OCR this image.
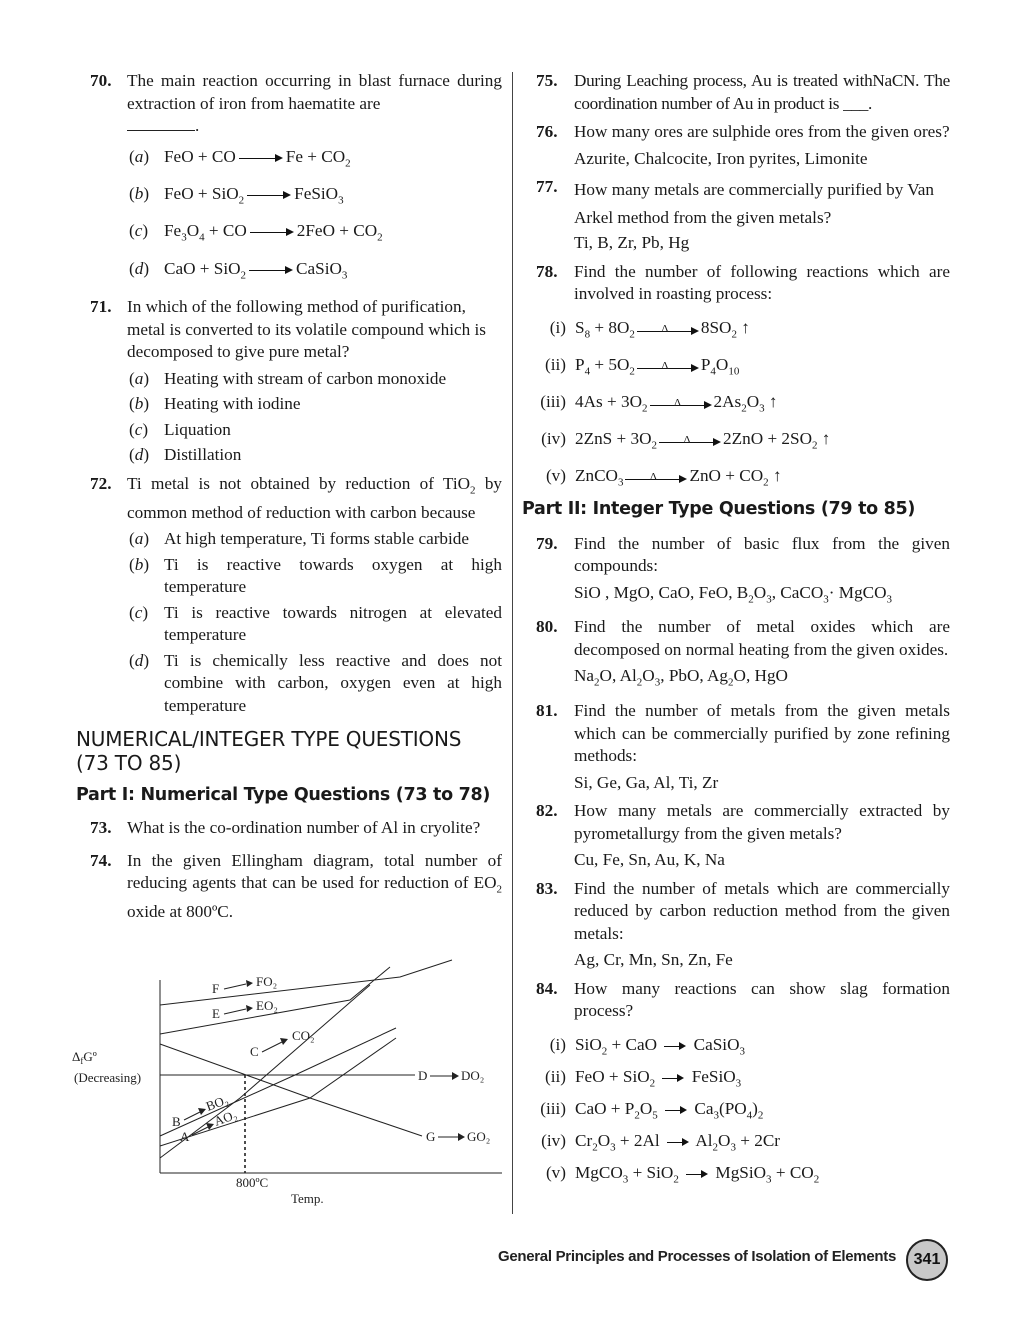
70. The main reaction occurring in blast furnace during extraction of iron from haematite are
.
(a) FeO + CO	$Fe + CO_2$
(b) FeO + SiO$_2$	FeSiO$_3$
(c) $Fe_3O_4$ + CO	$2FeO + CO_2$
(d) CaO + SiO$_2$	CaSiO$_3$
71. In which of the following method of purification, metal is converted to its volatile compound which is decomposed to give pure metal?
(a) Heating with stream of carbon monoxide
(b) Heating with iodine
(c) Liquation
(d) Distillation
72. Ti metal is not obtained by reduction of TiO$_2$ by common method of reduction with carbon because
(a) At high temperature, Ti forms stable carbide
(b) Ti is reactive towards oxygen at high temperature
(c) Ti is reactive towards nitrogen at elevated temperature
(d) Ti is chemically less reactive and does not combine with carbon, oxygen even at high temperature
NUMERICAL/INTEGER TYPE QUESTIONS
(73 TO 85)
Part I: Numerical Type Questions (73 to 78)
73. What is the co-ordination number of Al in cryolite?
74. In the given Ellingham diagram, total number of reducing agents that can be used for reduction of $EO_2$ oxide at 800ºC.
$\Delta_fGº$
(Decreasing)
800ºC
Temp.
F	FO₂
E
EO₂
C
CO₂
D	DO₂
B
BO₂
A
AO₂
G GO₂
75. During Leaching process, Au is treated withNaCN. The coordination number of Au in product is ___.
76. How many ores are sulphide ores from the given ores?
Azurite, Chalcocite, Iron pyrites, Limonite
77. How many metals are commercially purified by Van Arkel method from the given metals?
Ti, B, Zr, Pb, Hg
78. Find the number of following reactions which are involved in roasting process:
(i) $S_8 + 8O_2$	Δ	$8SO_2$ ↑
(ii) $P_4 + 5O_2$	Δ	$P_4O_{10}$
(iii) $4As + 3O_2$	Δ	$2As_2O_3$ ↑
(iv) $2ZnS + 3O_2$	Δ	$2ZnO + 2SO_2$ ↑
(v) ZnCO$_3$	Δ	ZnO + $CO_2$ ↑
Part II: Integer Type Questions (79 to 85)
79. Find the number of basic flux from the given compounds:
SiO , MgO, CaO, FeO, $B_2O_3$, CaCO$_3$· MgCO$_3$
80. Find the number of metal oxides which are decomposed on normal heating from the given oxides.
$Na_2O$, $Al_2O_3$, PbO, $Ag_2O$, HgO
81. Find the number of metals from the given metals which can be commercially purified by zone refining methods:
Si, Ge, Ga, Al, Ti, Zr
82. How many metals are commercially extracted by pyrometallurgy from the given metals?
Cu, Fe, Sn, Au, K, Na
83. Find the number of metals which are commercially reduced by carbon reduction method from the given metals:
Ag, Cr, Mn, Sn, Zn, Fe
84. How many reactions can show slag formation process?
(i) SiO$_2$ + CaO  CaSiO$_3$
(ii) FeO + SiO$_2$  FeSiO$_3$
(iii) CaO + $P_2O_5$  $Ca_3(PO_4)_2$
(iv) $Cr_2O_3 + 2Al$  $Al_2O_3 + 2Cr$
(v) MgCO$_3$ + SiO$_2$  MgSiO$_3$ + $CO_2$
General Principles and Processes of Isolation of Elements	341
